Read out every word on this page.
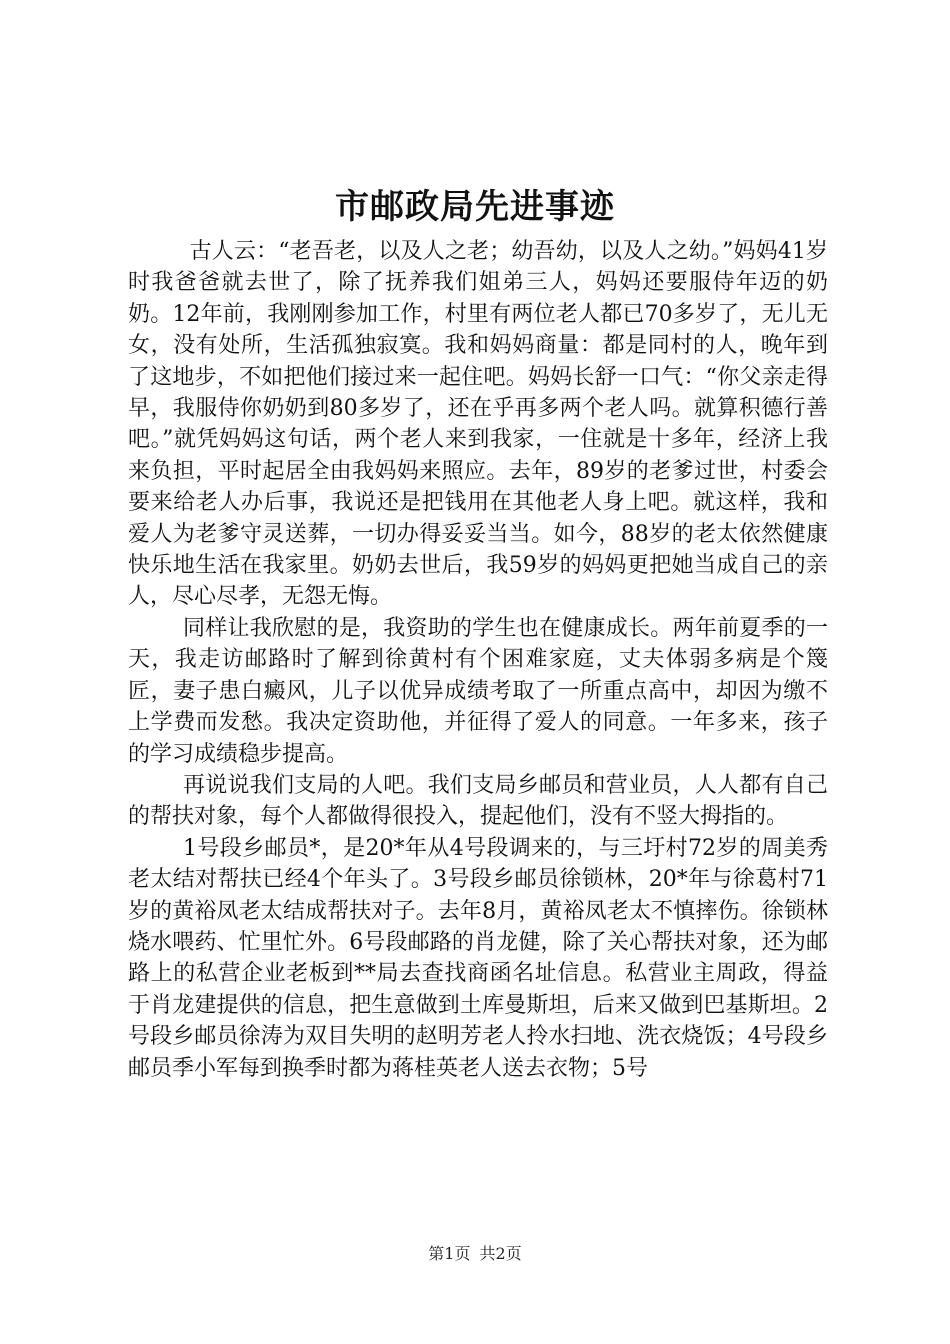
市邮政局先进事迹

古人云：“老吾老，以及人之老；幼吾幼，以及人之幼。”妈妈41岁时我爸爸就去世了，除了抚养我们姐弟三人，妈妈还要服侍年迈的奶奶。12年前，我刚刚参加工作，村里有两位老人都已70多岁了，无儿无女，没有处所，生活孤独寂寞。我和妈妈商量：都是同村的人，晚年到了这地步，不如把他们接过来一起住吧。妈妈长舒一口气：“你父亲走得早，我服侍你奶奶到80多岁了，还在乎再多两个老人吗。就算积德行善吧。”就凭妈妈这句话，两个老人来到我家，一住就是十多年，经济上我来负担，平时起居全由我妈妈来照应。去年，89岁的老爹过世，村委会要来给老人办后事，我说还是把钱用在其他老人身上吧。就这样，我和爱人为老爹守灵送葬，一切办得妥妥当当。如今，88岁的老太依然健康快乐地生活在我家里。奶奶去世后，我59岁的妈妈更把她当成自己的亲人，尽心尽孝，无怨无悔。

同样让我欣慰的是，我资助的学生也在健康成长。两年前夏季的一天，我走访邮路时了解到徐黄村有个困难家庭，丈夫体弱多病是个篾匠，妻子患白癜风，儿子以优异成绩考取了一所重点高中，却因为缴不上学费而发愁。我决定资助他，并征得了爱人的同意。一年多来，孩子的学习成绩稳步提高。

再说说我们支局的人吧。我们支局乡邮员和营业员，人人都有自己的帮扶对象，每个人都做得很投入，提起他们，没有不竖大拇指的。

1号段乡邮员*，是20*年从4号段调来的，与三圩村72岁的周美秀老太结对帮扶已经4个年头了。3号段乡邮员徐锁林，20*年与徐葛村71岁的黄裕凤老太结成帮扶对子。去年8月，黄裕凤老太不慎摔伤。徐锁林烧水喂药、忙里忙外。6号段邮路的肖龙健，除了关心帮扶对象，还为邮路上的私营企业老板到**局去查找商函名址信息。私营业主周政，得益于肖龙建提供的信息，把生意做到土库曼斯坦，后来又做到巴基斯坦。2号段乡邮员徐涛为双目失明的赵明芳老人拎水扫地、洗衣烧饭；4号段乡邮员季小军每到换季时都为蒋桂英老人送去衣物；5号

第1页 共2页
